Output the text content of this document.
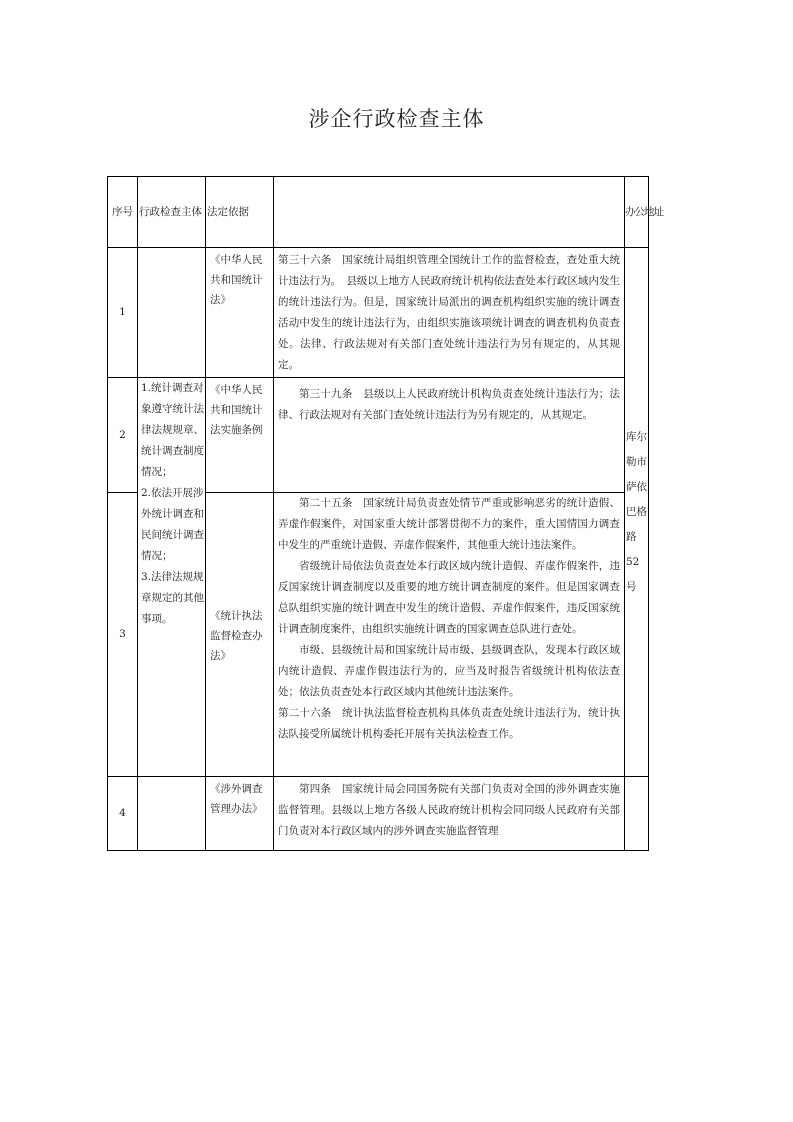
涉企行政检查主体
序号	行政检查主体	法定依据		办公地址
1		《中华人民共和国统计法》	第三十六条　国家统计局组织管理全国统计工作的监督检查，查处重大统计违法行为。　县级以上地方人民政府统计机构依法查处本行政区域内发生的统计违法行为。但是，国家统计局派出的调查机构组织实施的统计调查活动中发生的统计违法行为，由组织实施该项统计调查的调查机构负责查处。法律、行政法规对有关部门查处统计违法行为另有规定的，从其规定。	库尔勒市萨依巴格路52号
2	1.统计调查对象遵守统计法律法规规章、统计调查制度情况；
2.依法开展涉外统计调查和民间统计调查情况；
3.法律法规规章规定的其他事项。	《中华人民共和国统计法实施条例	第三十九条　县级以上人民政府统计机构负责查处统计违法行为；法律、行政法规对有关部门查处统计违法行为另有规定的，从其规定。	

3		《统计执法监督检查办法》	第二十五条　国家统计局负责查处情节严重或影响恶劣的统计造假、弄虚作假案件，对国家重大统计部署贯彻不力的案件，重大国情国力调查中发生的严重统计造假、弄虚作假案件，其他重大统计违法案件。

省级统计局依法负责查处本行政区域内统计造假、弄虚作假案件，违反国家统计调查制度以及重要的地方统计调查制度的案件。但是国家调查总队组织实施的统计调查中发生的统计造假、弄虚作假案件，违反国家统计调查制度案件，由组织实施统计调查的国家调查总队进行查处。

市级、县级统计局和国家统计局市级、县级调查队，发现本行政区域内统计造假、弄虚作假违法行为的，应当及时报告省级统计机构依法查处；依法负责查处本行政区域内其他统计违法案件。

第二十六条　统计执法监督检查机构具体负责查处统计违法行为，统计执法队接受所属统计机构委托开展有关执法检查工作。	

4		《涉外调查管理办法》	第四条　国家统计局会同国务院有关部门负责对全国的涉外调查实施监督管理。县级以上地方各级人民政府统计机构会同同级人民政府有关部门负责对本行政区域内的涉外调查实施监督管理	
